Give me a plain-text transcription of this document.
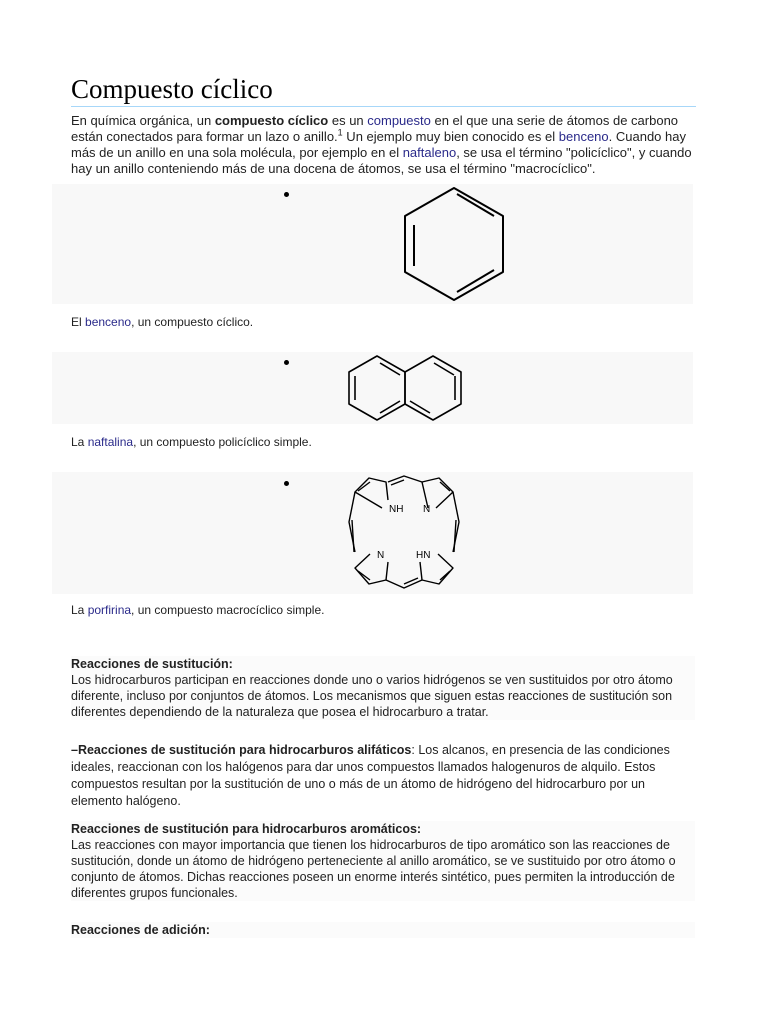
Compuesto cíclico

En química orgánica, un compuesto cíclico es un compuesto en el que una serie de átomos de carbono están conectados para formar un lazo o anillo.$^1$ Un ejemplo muy bien conocido es el benceno. Cuando hay más de un anillo en una sola molécula, por ejemplo en el naftaleno, se usa el término "policíclico", y cuando hay un anillo conteniendo más de una docena de átomos, se usa el término "macrocíclico".

El benceno, un compuesto cíclico.
La naftalina, un compuesto policíclico simple.
NH N
N	HN
La porfirina, un compuesto macrocíclico simple.
Reacciones de sustitución:
Los hidrocarburos participan en reacciones donde uno o varios hidrógenos se ven sustituidos por otro átomo diferente, incluso por conjuntos de átomos. Los mecanismos que siguen estas reacciones de sustitución son diferentes dependiendo de la naturaleza que posea el hidrocarburo a tratar.
–Reacciones de sustitución para hidrocarburos alifáticos: Los alcanos, en presencia de las condiciones ideales, reaccionan con los halógenos para dar unos compuestos llamados halogenuros de alquilo. Estos compuestos resultan por la sustitución de uno o más de un átomo de hidrógeno del hidrocarburo por un elemento halógeno.
Reacciones de sustitución para hidrocarburos aromáticos:
Las reacciones con mayor importancia que tienen los hidrocarburos de tipo aromático son las reacciones de sustitución, donde un átomo de hidrógeno perteneciente al anillo aromático, se ve sustituido por otro átomo o conjunto de átomos. Dichas reacciones poseen un enorme interés sintético, pues permiten la introducción de diferentes grupos funcionales.
Reacciones de adición:
